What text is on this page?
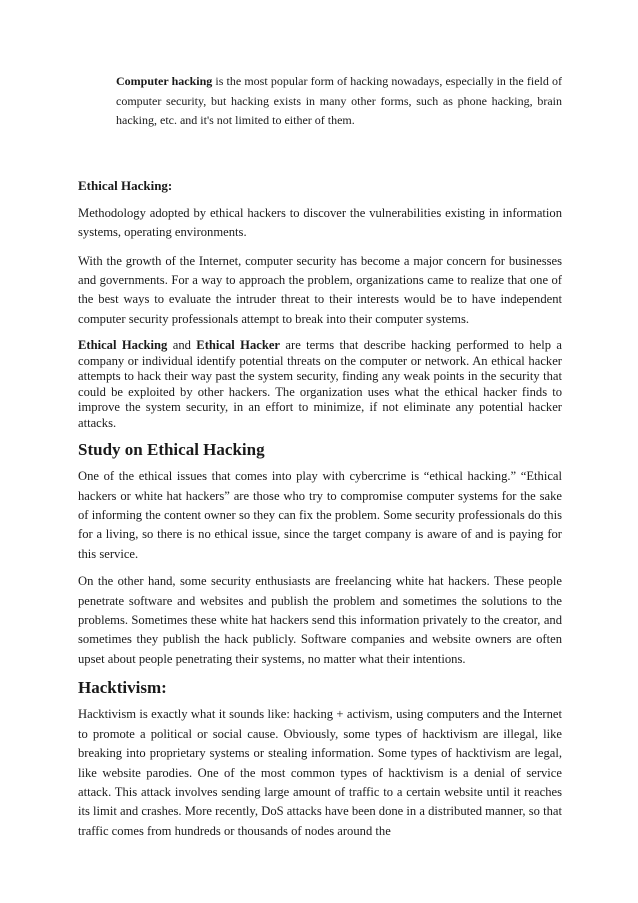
Computer hacking is the most popular form of hacking nowadays, especially in the field of computer security, but hacking exists in many other forms, such as phone hacking, brain hacking, etc. and it's not limited to either of them.

Ethical Hacking:

Methodology adopted by ethical hackers to discover the vulnerabilities existing in information systems, operating environments.

With the growth of the Internet, computer security has become a major concern for businesses and governments. For a way to approach the problem, organizations came to realize that one of the best ways to evaluate the intruder threat to their interests would be to have independent computer security professionals attempt to break into their computer systems.

Ethical Hacking and Ethical Hacker are terms that describe hacking performed to help a company or individual identify potential threats on the computer or network. An ethical hacker attempts to hack their way past the system security, finding any weak points in the security that could be exploited by other hackers. The organization uses what the ethical hacker finds to improve the system security, in an effort to minimize, if not eliminate any potential hacker attacks.

Study on Ethical Hacking

One of the ethical issues that comes into play with cybercrime is “ethical hacking.” “Ethical hackers or white hat hackers” are those who try to compromise computer systems for the sake of informing the content owner so they can fix the problem. Some security professionals do this for a living, so there is no ethical issue, since the target company is aware of and is paying for this service.

On the other hand, some security enthusiasts are freelancing white hat hackers. These people penetrate software and websites and publish the problem and sometimes the solutions to the problems. Sometimes these white hat hackers send this information privately to the creator, and sometimes they publish the hack publicly. Software companies and website owners are often upset about people penetrating their systems, no matter what their intentions.

Hacktivism:

Hacktivism is exactly what it sounds like: hacking + activism, using computers and the Internet to promote a political or social cause. Obviously, some types of hacktivism are illegal, like breaking into proprietary systems or stealing information. Some types of hacktivism are legal, like website parodies. One of the most common types of hacktivism is a denial of service attack. This attack involves sending large amount of traffic to a certain website until it reaches its limit and crashes. More recently, DoS attacks have been done in a distributed manner, so that traffic comes from hundreds or thousands of nodes around the
